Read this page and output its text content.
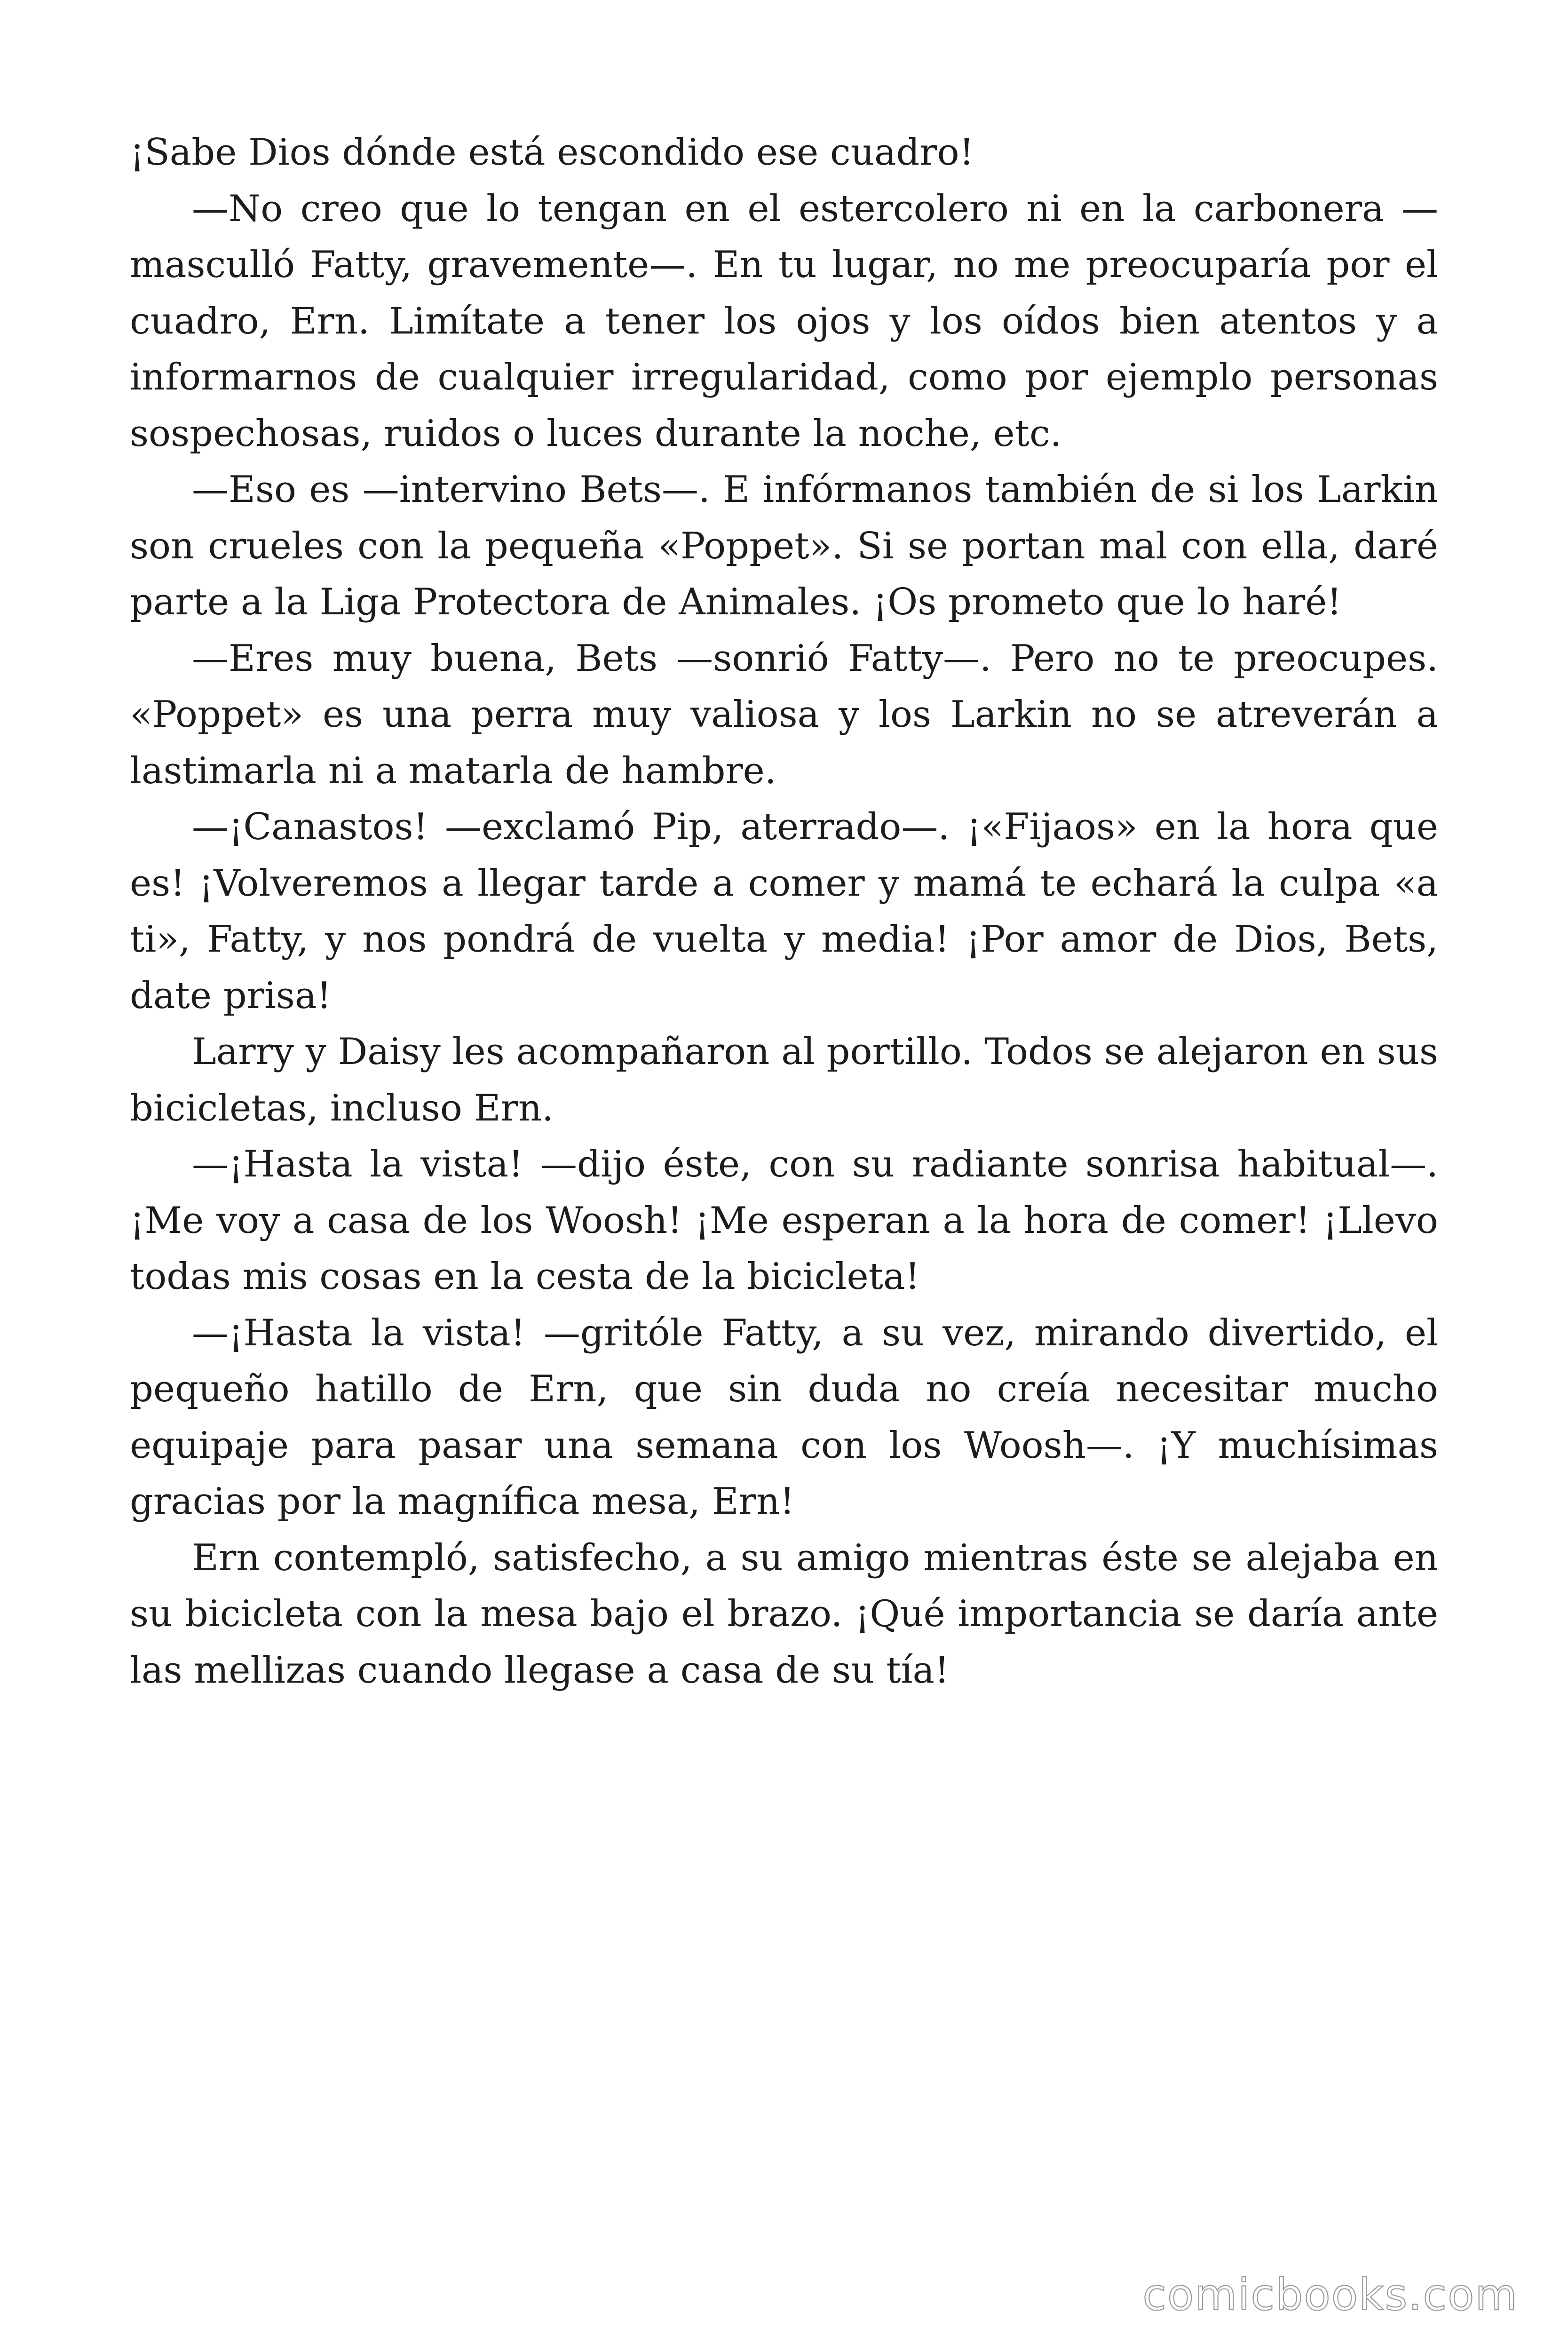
¡Sabe Dios dónde está escondido ese cuadro!

—No creo que lo tengan en el estercolero ni en la carbonera —masculló Fatty, gravemente—. En tu lugar, no me preocuparía por el cuadro, Ern. Limítate a tener los ojos y los oídos bien atentos y a informarnos de cualquier irregularidad, como por ejemplo personas sospechosas, ruidos o luces durante la noche, etc.

—Eso es —intervino Bets—. E infórmanos también de si los Larkin son crueles con la pequeña «Poppet». Si se portan mal con ella, daré parte a la Liga Protectora de Animales. ¡Os prometo que lo haré!

—Eres muy buena, Bets —sonrió Fatty—. Pero no te preocupes. «Poppet» es una perra muy valiosa y los Larkin no se atreverán a lastimarla ni a matarla de hambre.

—¡Canastos! —exclamó Pip, aterrado—. ¡«Fijaos» en la hora que es! ¡Volveremos a llegar tarde a comer y mamá te echará la culpa «a ti», Fatty, y nos pondrá de vuelta y media! ¡Por amor de Dios, Bets, date prisa!

Larry y Daisy les acompañaron al portillo. Todos se alejaron en sus bicicletas, incluso Ern.

—¡Hasta la vista! —dijo éste, con su radiante sonrisa habitual—. ¡Me voy a casa de los Woosh! ¡Me esperan a la hora de comer! ¡Llevo todas mis cosas en la cesta de la bicicleta!

—¡Hasta la vista! —gritóle Fatty, a su vez, mirando divertido, el pequeño hatillo de Ern, que sin duda no creía necesitar mucho equipaje para pasar una semana con los Woosh—. ¡Y muchísimas gracias por la magnífica mesa, Ern!

Ern contempló, satisfecho, a su amigo mientras éste se alejaba en su bicicleta con la mesa bajo el brazo. ¡Qué importancia se daría ante las mellizas cuando llegase a casa de su tía!

comicbooks.com
